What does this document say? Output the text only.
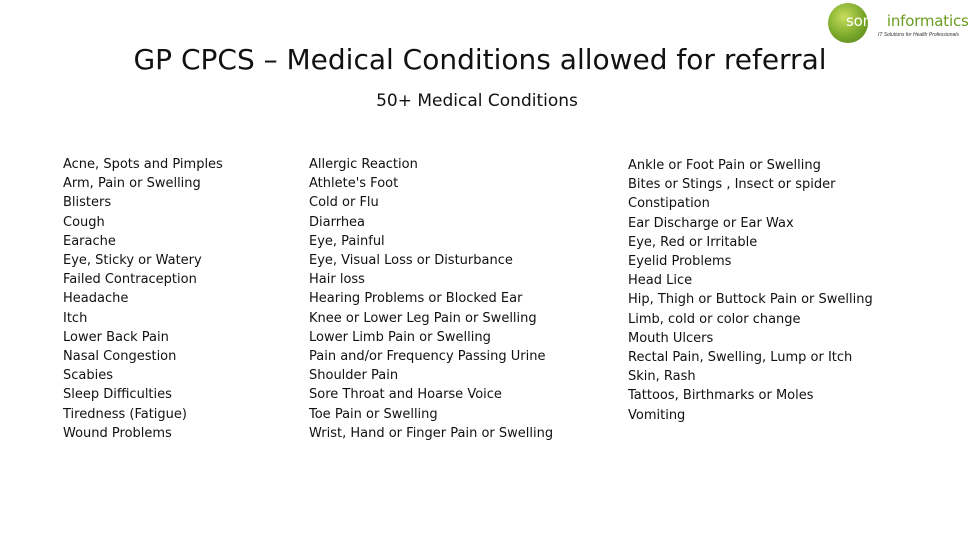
sonarinformatics
IT Solutions for Health Professionals
GP CPCS – Medical Conditions allowed for referral
50+ Medical Conditions
Acne, Spots and Pimples
Arm, Pain or Swelling
Blisters
Cough
Earache
Eye, Sticky or Watery
Failed Contraception
Headache
Itch
Lower Back Pain
Nasal Congestion
Scabies
Sleep Difficulties
Tiredness (Fatigue)
Wound Problems
Allergic Reaction
Athlete's Foot
Cold or Flu
Diarrhea
Eye, Painful
Eye, Visual Loss or Disturbance
Hair loss
Hearing Problems or Blocked Ear
Knee or Lower Leg Pain or Swelling
Lower Limb Pain or Swelling
Pain and/or Frequency Passing Urine
Shoulder Pain
Sore Throat and Hoarse Voice
Toe Pain or Swelling
Wrist, Hand or Finger Pain or Swelling
Ankle or Foot Pain or Swelling
Bites or Stings , Insect or spider
Constipation
Ear Discharge or Ear Wax
Eye, Red or Irritable
Eyelid Problems
Head Lice
Hip, Thigh or Buttock Pain or Swelling
Limb, cold or color change
Mouth Ulcers
Rectal Pain, Swelling, Lump or Itch
Skin, Rash
Tattoos, Birthmarks or Moles
Vomiting
